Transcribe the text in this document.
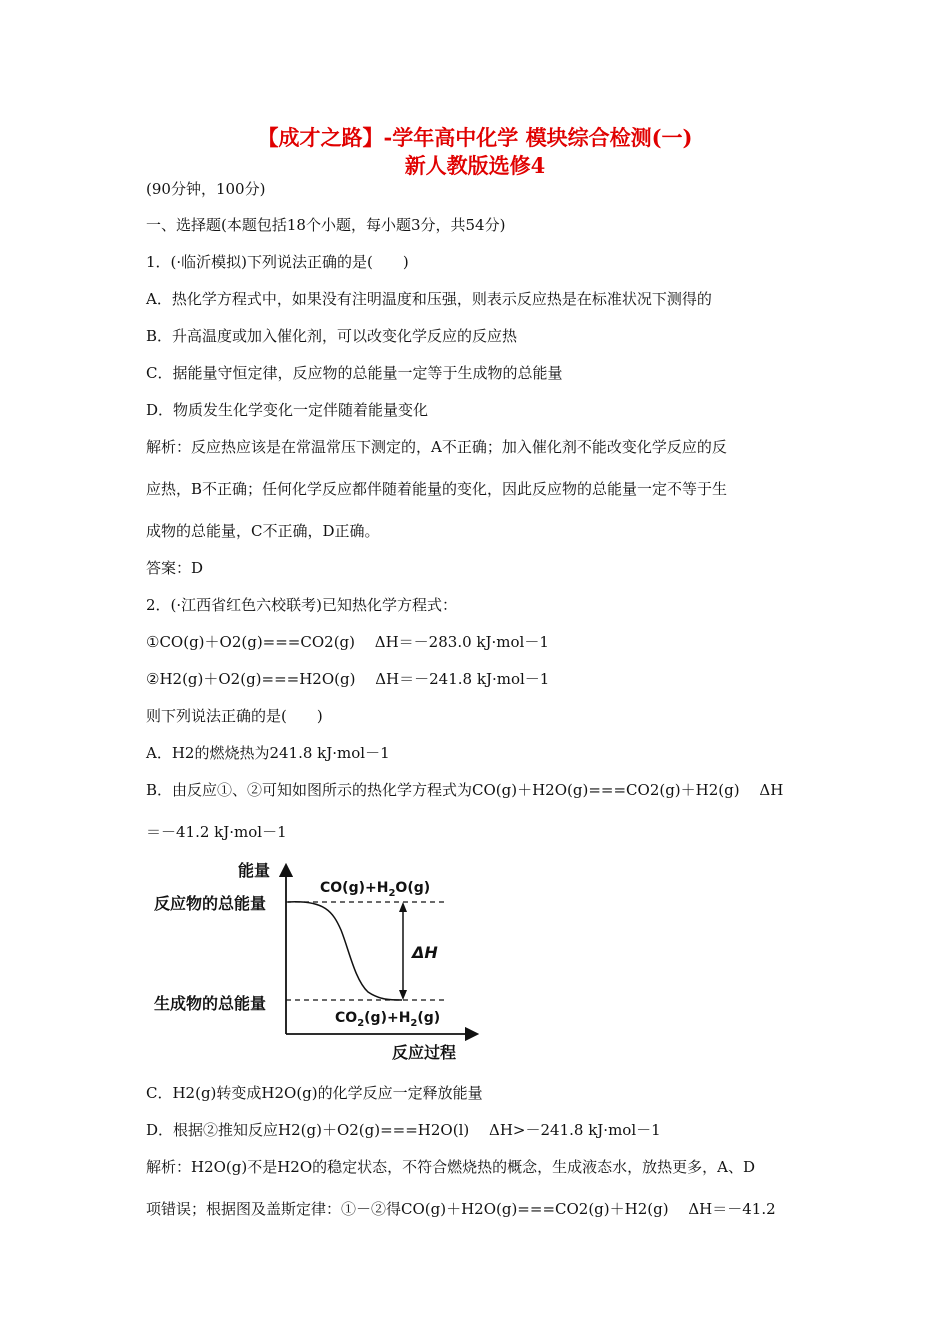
【成才之路】-学年高中化学 模块综合检测(一)
新人教版选修4
(90分钟，100分)
一、选择题(本题包括18个小题，每小题3分，共54分)
1．(·临沂模拟)下列说法正确的是(　　)
A．热化学方程式中，如果没有注明温度和压强，则表示反应热是在标准状况下测得的
B．升高温度或加入催化剂，可以改变化学反应的反应热
C．据能量守恒定律，反应物的总能量一定等于生成物的总能量
D．物质发生化学变化一定伴随着能量变化
解析：反应热应该是在常温常压下测定的，A不正确；加入催化剂不能改变化学反应的反
应热，B不正确；任何化学反应都伴随着能量的变化，因此反应物的总能量一定不等于生
成物的总能量，C不正确，D正确。
答案：D
2．(·江西省红色六校联考)已知热化学方程式：
①CO(g)＋O2(g)===CO2(g)　 ΔH＝－283.0 kJ·mol－1
②H2(g)＋O2(g)===H2O(g)　 ΔH＝－241.8 kJ·mol－1
则下列说法正确的是(　　)
A．H2的燃烧热为241.8 kJ·mol－1
B．由反应①、②可知如图所示的热化学方程式为CO(g)＋H2O(g)===CO2(g)＋H2(g)　 ΔH
＝－41.2 kJ·mol－1
能量
反应过程
反应物的总能量
生成物的总能量
$CO(g)+H_2O(g)$
$CO_2(g)+H_2(g)$
ΔH
C．H2(g)转变成H2O(g)的化学反应一定释放能量
D．根据②推知反应H2(g)＋O2(g)===H2O(l)　 ΔH>－241.8 kJ·mol－1
解析：H2O(g)不是H2O的稳定状态，不符合燃烧热的概念，生成液态水，放热更多，A、D
项错误；根据图及盖斯定律：①－②得CO(g)＋H2O(g)===CO2(g)＋H2(g)　 ΔH＝－41.2
